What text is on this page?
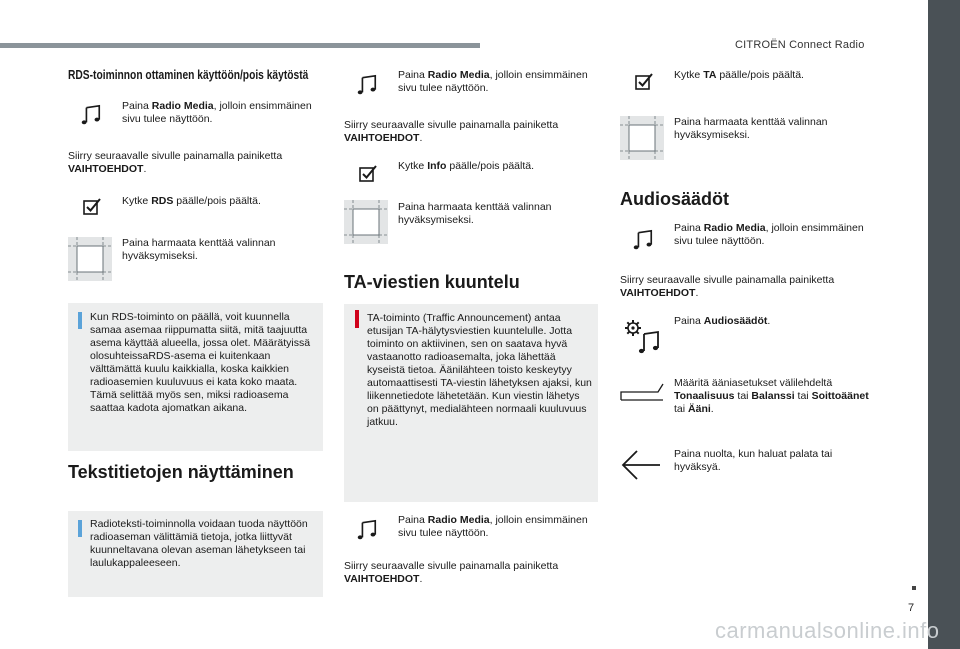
CITROËN Connect Radio
7
carmanualsonline.info
RDS-toiminnon ottaminen käyttöön/pois käytöstä
Paina Radio Media, jolloin ensimmäinen sivu tulee näyttöön.
Siirry seuraavalle sivulle painamalla painiketta VAIHTOEHDOT.
Kytke RDS päälle/pois päältä.
Paina harmaata kenttää valinnan hyväksymiseksi.
Kun RDS-toiminto on päällä, voit kuunnella samaa asemaa riippumatta siitä, mitä taajuutta asema käyttää alueella, jossa olet. Määrätyissä olosuhteissaRDS-asema ei kuitenkaan välttämättä kuulu kaikkialla, koska kaikkien radioasemien kuuluvuus ei kata koko maata. Tämä selittää myös sen, miksi radioasema saattaa kadota ajomatkan aikana.
Tekstitietojen näyttäminen
Radioteksti-toiminnolla voidaan tuoda näyttöön radioaseman välittämiä tietoja, jotka liittyvät kuunneltavana olevan aseman lähetykseen tai laulukappaleeseen.
Paina Radio Media, jolloin ensimmäinen sivu tulee näyttöön.
Siirry seuraavalle sivulle painamalla painiketta VAIHTOEHDOT.
Kytke Info päälle/pois päältä.
Paina harmaata kenttää valinnan hyväksymiseksi.
TA-viestien kuuntelu
TA-toiminto (Traffic Announcement) antaa etusijan TA-hälytysviestien kuuntelulle. Jotta toiminto on aktiivinen, sen on saatava hyvä vastaanotto radioasemalta, joka lähettää kyseistä tietoa. Äänilähteen toisto keskeytyy automaattisesti TA-viestin lähetyksen ajaksi, kun liikennetiedote lähetetään. Kun viestin lähetys on päättynyt, medialähteen normaali kuuluvuus jatkuu.
Paina Radio Media, jolloin ensimmäinen sivu tulee näyttöön.
Siirry seuraavalle sivulle painamalla painiketta VAIHTOEHDOT.
Kytke TA päälle/pois päältä.
Paina harmaata kenttää valinnan hyväksymiseksi.
Audiosäädöt
Paina Radio Media, jolloin ensimmäinen sivu tulee näyttöön.
Siirry seuraavalle sivulle painamalla painiketta VAIHTOEHDOT.
Paina Audiosäädöt.
Määritä ääniasetukset välilehdeltä Tonaalisuus tai Balanssi tai Soittoäänet tai Ääni.
Paina nuolta, kun haluat palata tai hyväksyä.
